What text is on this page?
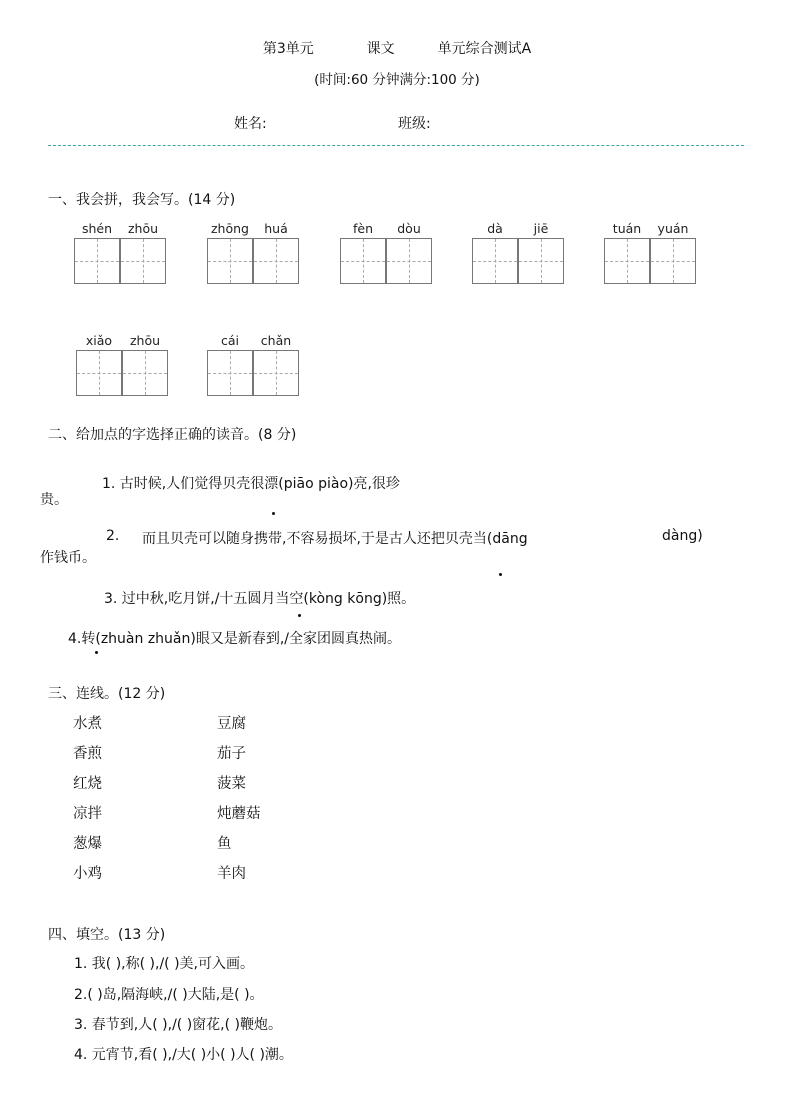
第3单元	课文	单元综合测试A
(时间:60 分钟满分:100 分)
姓名:	班级:
一、我会拼，我会写。(14 分)
shén	zhōu	zhōng	huá	fèn	dòu	dà	jiē	tuán	yuán
xiǎo	zhōu	cái	chǎn
二、给加点的字选择正确的读音。(8 分)
1. 古时候,人们觉得贝壳很漂(piāo piào)亮,很珍
贵。
2. 而且贝壳可以随身携带,不容易损坏,于是古人还把贝壳当(dāng	dàng)
作钱币。
3. 过中秋,吃月饼,/十五圆月当空(kòng kōng)照。
4.转(zhuàn zhuǎn)眼又是新春到,/全家团圆真热闹。
三、连线。(12 分)
水煮	豆腐
香煎	茄子
红烧	菠菜
凉拌	炖蘑菇
葱爆	鱼
小鸡	羊肉
四、填空。(13 分)
1. 我( ),称( ),/( )美,可入画。
2.( )岛,隔海峡,/( )大陆,是( )。
3. 春节到,人( ),/( )窗花,( )鞭炮。
4. 元宵节,看( ),/大( )小( )人( )潮。
